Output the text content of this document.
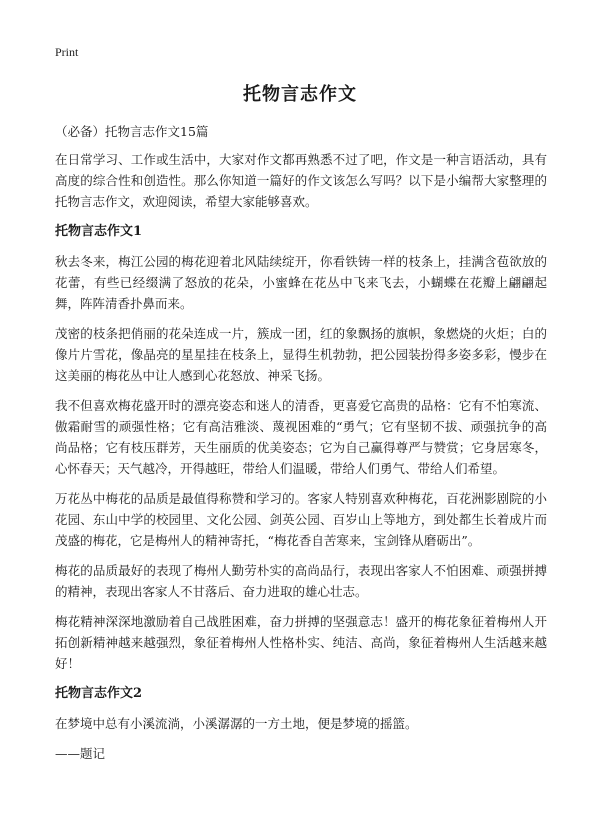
Print
托物言志作文

（必备）托物言志作文15篇

在日常学习、工作或生活中，大家对作文都再熟悉不过了吧，作文是一种言语活动，具有高度的综合性和创造性。那么你知道一篇好的作文该怎么写吗？以下是小编帮大家整理的托物言志作文，欢迎阅读，希望大家能够喜欢。

托物言志作文1

秋去冬来，梅江公园的梅花迎着北风陆续绽开，你看铁铸一样的枝条上，挂满含苞欲放的花蕾，有些已经缀满了怒放的花朵，小蜜蜂在花丛中飞来飞去，小蝴蝶在花瓣上翩翩起舞，阵阵清香扑鼻而来。

茂密的枝条把俏丽的花朵连成一片，簇成一团，红的象飘扬的旗帜，象燃烧的火炬；白的像片片雪花，像晶亮的星星挂在枝条上，显得生机勃勃，把公园装扮得多姿多彩，慢步在这美丽的梅花丛中让人感到心花怒放、神采飞扬。

我不但喜欢梅花盛开时的漂亮姿态和迷人的清香，更喜爱它高贵的品格：它有不怕寒流、傲霜耐雪的顽强性格；它有高洁雅淡、蔑视困难的“勇气；它有坚韧不拔、顽强抗争的高尚品格；它有枝压群芳，天生丽质的优美姿态；它为自己赢得尊严与赞赏；它身居寒冬，心怀春天；天气越冷，开得越旺，带给人们温暖，带给人们勇气、带给人们希望。

万花丛中梅花的品质是最值得称赞和学习的。客家人特别喜欢种梅花，百花洲影剧院的小花园、东山中学的校园里、文化公园、剑英公园、百岁山上等地方，到处都生长着成片而茂盛的梅花，它是梅州人的精神寄托，“梅花香自苦寒来，宝剑锋从磨砺出”。

梅花的品质最好的表现了梅州人勤劳朴实的高尚品行，表现出客家人不怕困难、顽强拼搏的精神，表现出客家人不甘落后、奋力进取的雄心壮志。

梅花精神深深地激励着自己战胜困难，奋力拼搏的坚强意志！盛开的梅花象征着梅州人开拓创新精神越来越强烈，象征着梅州人性格朴实、纯洁、高尚，象征着梅州人生活越来越好！

托物言志作文2

在梦境中总有小溪流淌，小溪潺潺的一方土地，便是梦境的摇篮。

——题记
